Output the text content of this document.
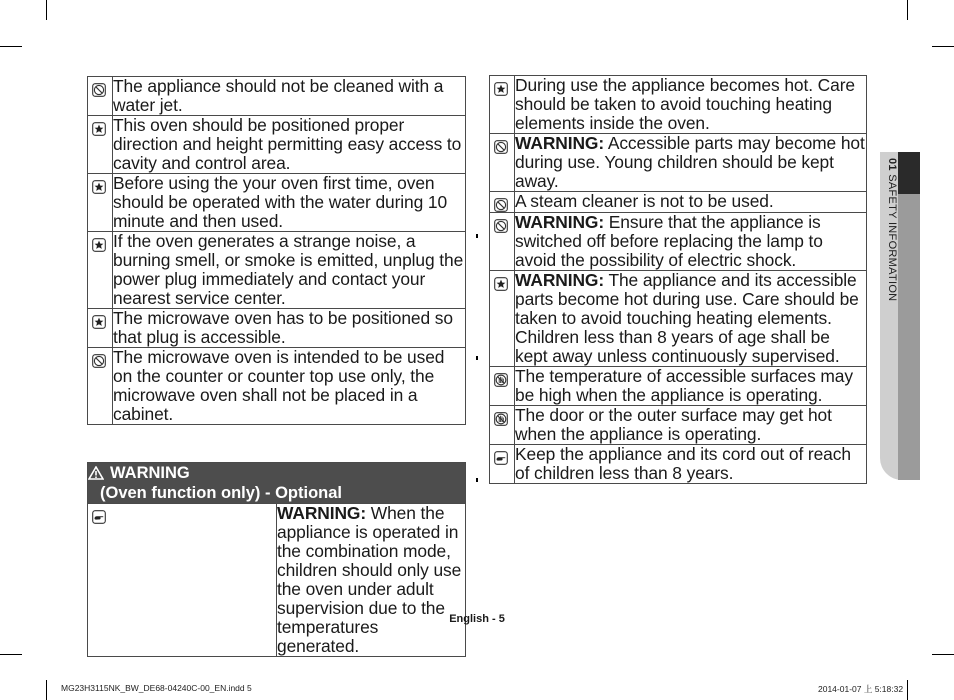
	The appliance should not be cleaned with a water jet.

	This oven should be positioned proper direction and height permitting easy access to cavity and control area.

	Before using the your oven first time, oven should be operated with the water during 10 minute and then used.

	If the oven generates a strange noise, a burning smell, or smoke is emitted, unplug the power plug immediately and contact your nearest service center.

	The microwave oven has to be positioned so that plug is accessible.

	The microwave oven is intended to be used on the counter or counter top use only, the microwave oven shall not be placed in a cabinet.
WARNING
(Oven function only) - Optional

	WARNING: When the appliance is operated in the combination mode, children should only use the oven under adult supervision due to the temperatures generated.
	During use the appliance becomes hot. Care should be taken to avoid touching heating elements inside the oven.

	WARNING: Accessible parts may become hot during use. Young children should be kept away.

	A steam cleaner is not to be used.

	WARNING: Ensure that the appliance is switched off before replacing the lamp to avoid the possibility of electric shock.

	WARNING: The appliance and its accessible parts become hot during use. Care should be taken to avoid touching heating elements.
Children less than 8 years of age shall be kept away unless continuously supervised.

	The temperature of accessible surfaces may be high when the appliance is operating.

	The door or the outer surface may get hot when the appliance is operating.

	Keep the appliance and its cord out of reach of children less than 8 years.
01 SAFETY INFORMATION
English - 5
MG23H3115NK_BW_DE68-04240C-00_EN.indd 5	2014-01-07 上 5:18:32
